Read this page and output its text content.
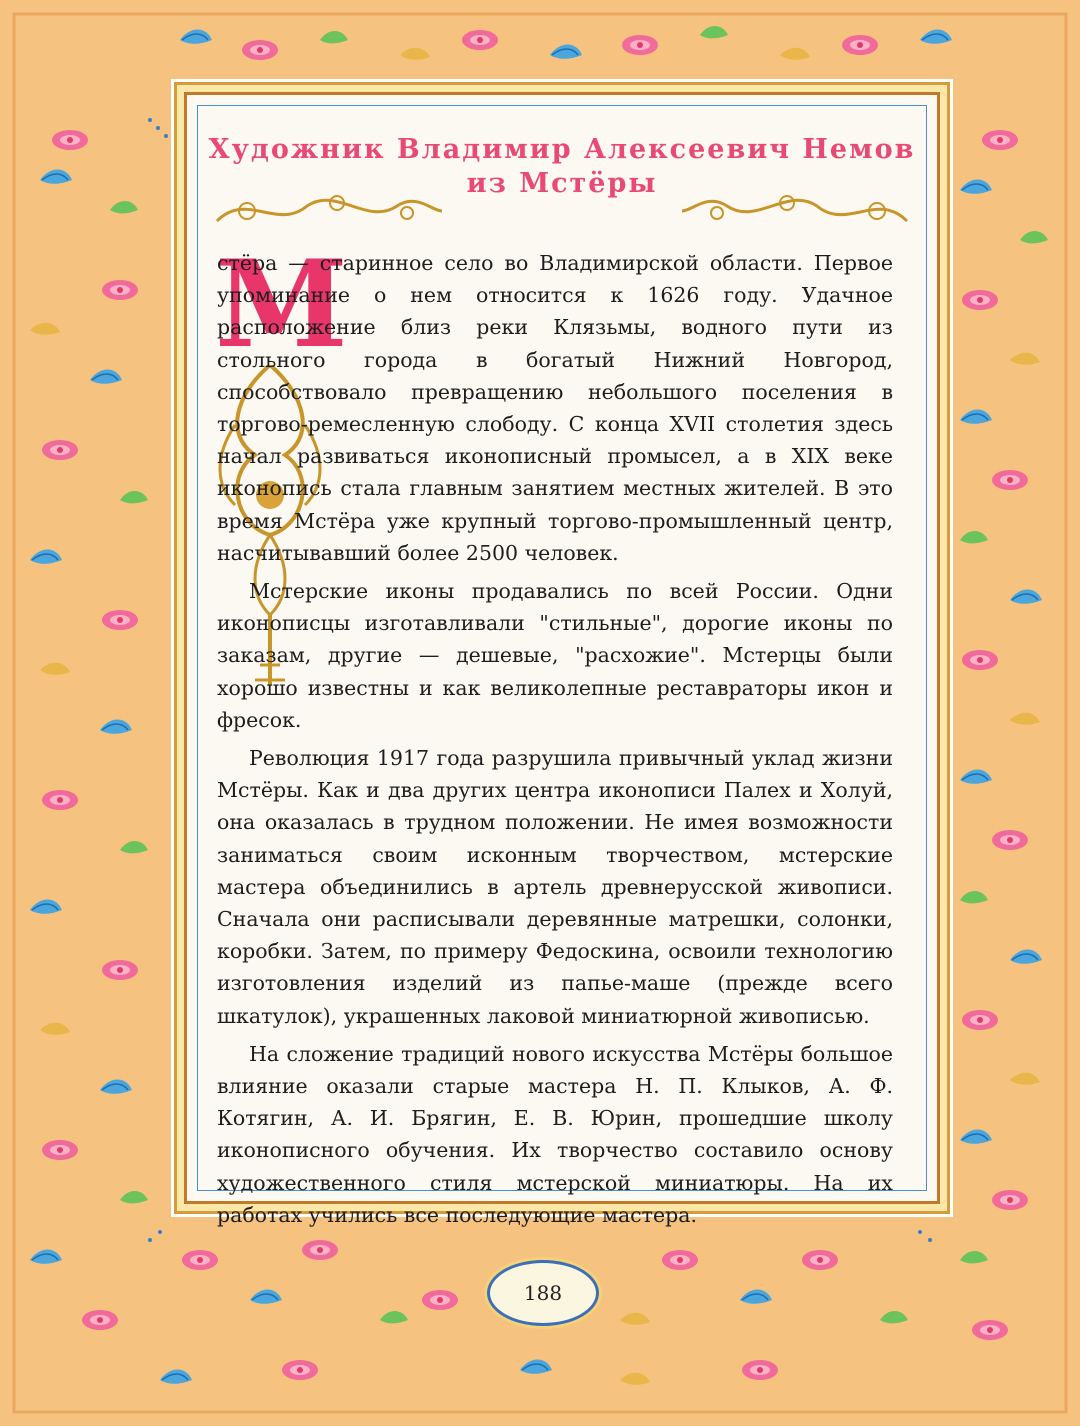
Художник Владимир Алексеевич Немов
из Мстёры
М

стёра — старинное село во Владимирской области. Первое упоминание о нем относится к 1626 году. Удачное расположение близ реки Клязьмы, водного пути из стольного города в богатый Нижний Новгород, способствовало превращению небольшого поселения в торгово-ремесленную слободу. С конца XVII столетия здесь начал развиваться иконописный промысел, а в XIX веке иконопись стала главным занятием местных жителей. В это время Мстёра уже крупный торгово-промышленный центр, насчитывавший более 2500 человек.

Мстерские иконы продавались по всей России. Одни иконописцы изготавливали "стильные", дорогие иконы по заказам, другие — дешевые, "расхожие". Мстерцы были хорошо известны и как великолепные реставраторы икон и фресок.

Революция 1917 года разрушила привычный уклад жизни Мстёры. Как и два других центра иконописи Палех и Холуй, она оказалась в трудном положении. Не имея возможности заниматься своим исконным творчеством, мстерские мастера объединились в артель древнерусской живописи. Сначала они расписывали деревянные матрешки, солонки, коробки. Затем, по примеру Федоскина, освоили технологию изготовления изделий из папье-маше (прежде всего шкатулок), украшенных лаковой миниатюрной живописью.

На сложение традиций нового искусства Мстёры большое влияние оказали старые мастера Н. П. Клыков, А. Ф. Котягин, А. И. Брягин, Е. В. Юрин, прошедшие школу иконописного обучения. Их творчество составило основу художественного стиля мстерской миниатюры. На их работах учились все последующие мастера.

188
